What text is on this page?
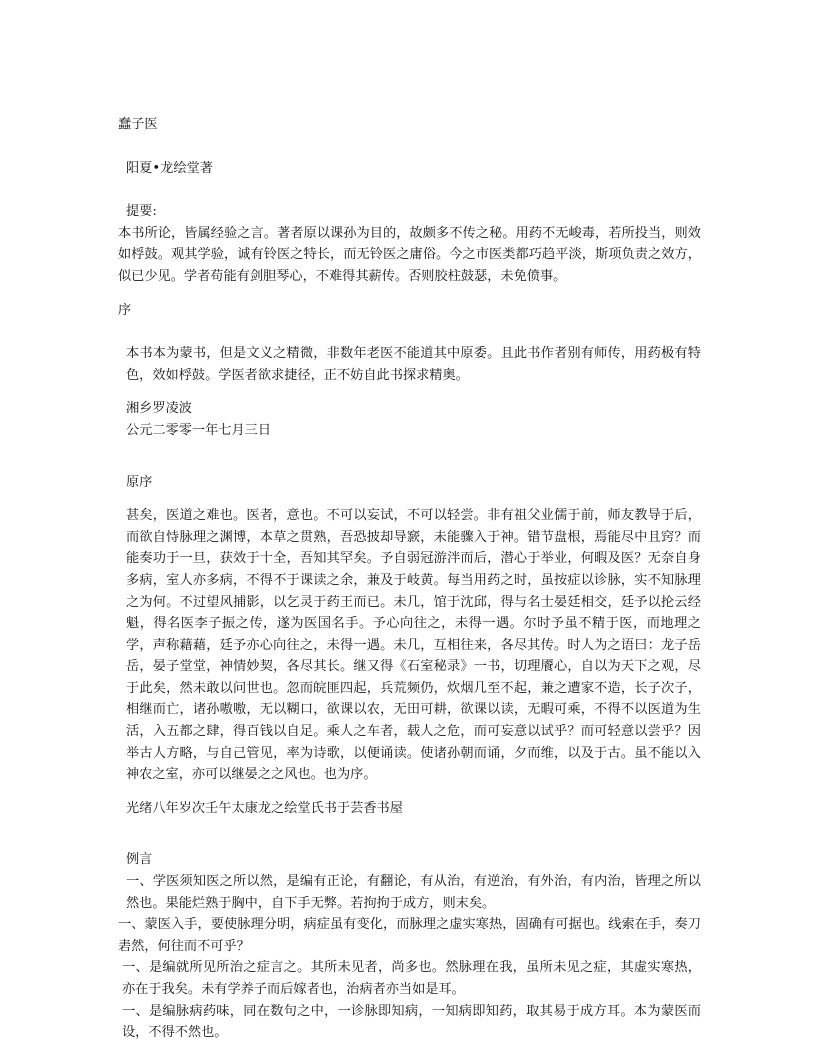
蠢子医

阳夏•龙绘堂著

提要:

本书所论，皆属经验之言。著者原以课孙为目的，故颇多不传之秘。用药不无峻毒，若所投当，则效如桴鼓。观其学验，诚有铃医之特长，而无铃医之庸俗。今之市医类都巧趋平淡，斯项负责之效方，似已少见。学者苟能有剑胆琴心，不难得其薪传。否则胶柱鼓瑟，未免偾事。

序

本书本为蒙书，但是文义之精微，非数年老医不能道其中原委。且此书作者别有师传，用药极有特色，效如桴鼓。学医者欲求捷径，正不妨自此书探求精奥。

湘乡罗凌波

公元二零零一年七月三日

原序

甚矣，医道之难也。医者，意也。不可以妄试，不可以轻尝。非有祖父业儒于前，师友教导于后，而欲自恃脉理之渊博，本草之贯熟，吾恐披却导窾，未能骤入于神。错节盘根，焉能尽中且窍？而能奏功于一旦，获效于十全，吾知其罕矣。予自弱冠游泮而后，潜心于举业，何暇及医？无奈自身多病，室人亦多病，不得不于课读之余，兼及于岐黄。每当用药之时，虽按症以诊脉，实不知脉理之为何。不过望风捕影，以乞灵于药王而已。未几，馆于沈邱，得与名士晏廷相交，廷予以抡云经魁，得名医李子振之传，遂为医国名手。予心向往之，未得一遇。尔时予虽不精于医，而地理之学，声称藉藉，廷予亦心向往之，未得一遇。未几，互相往来，各尽其传。时人为之语曰：龙子岳岳，晏子堂堂，神情妙契，各尽其长。继又得《石室秘录》一书，切理餍心，自以为天下之观，尽于此矣，然未敢以问世也。忽而皖匪四起，兵荒频仍，炊烟几至不起，兼之遭家不造，长子次子，相继而亡，诸孙嗷嗷，无以糊口，欲课以农，无田可耕，欲课以读，无暇可乘，不得不以医道为生活，入五都之肆，得百钱以自足。乘人之车者，载人之危，而可妄意以试乎？而可轻意以尝乎？因举古人方略，与自己管见，率为诗歌，以便诵读。使诸孙朝而诵，夕而维，以及于古。虽不能以入神农之室，亦可以继晏之之风也。也为序。

光绪八年岁次壬午太康龙之绘堂氏书于芸香书屋

例言

一、学医须知医之所以然，是编有正论，有翻论，有从治，有逆治，有外治，有内治，皆理之所以然也。果能烂熟于胸中，自下手无弊。若拘拘于成方，则末矣。

一、蒙医入手，要使脉理分明，病症虽有变化，而脉理之虚实寒热，固确有可据也。线索在手，奏刀砉然，何往而不可乎？

一、是编就所见所治之症言之。其所未见者，尚多也。然脉理在我，虽所未见之症，其虚实寒热，亦在于我矣。未有学养子而后嫁者也，治病者亦当如是耳。

一、是编脉病药味，同在数句之中，一诊脉即知病，一知病即知药，取其易于成方耳。本为蒙医而设，不得不然也。
